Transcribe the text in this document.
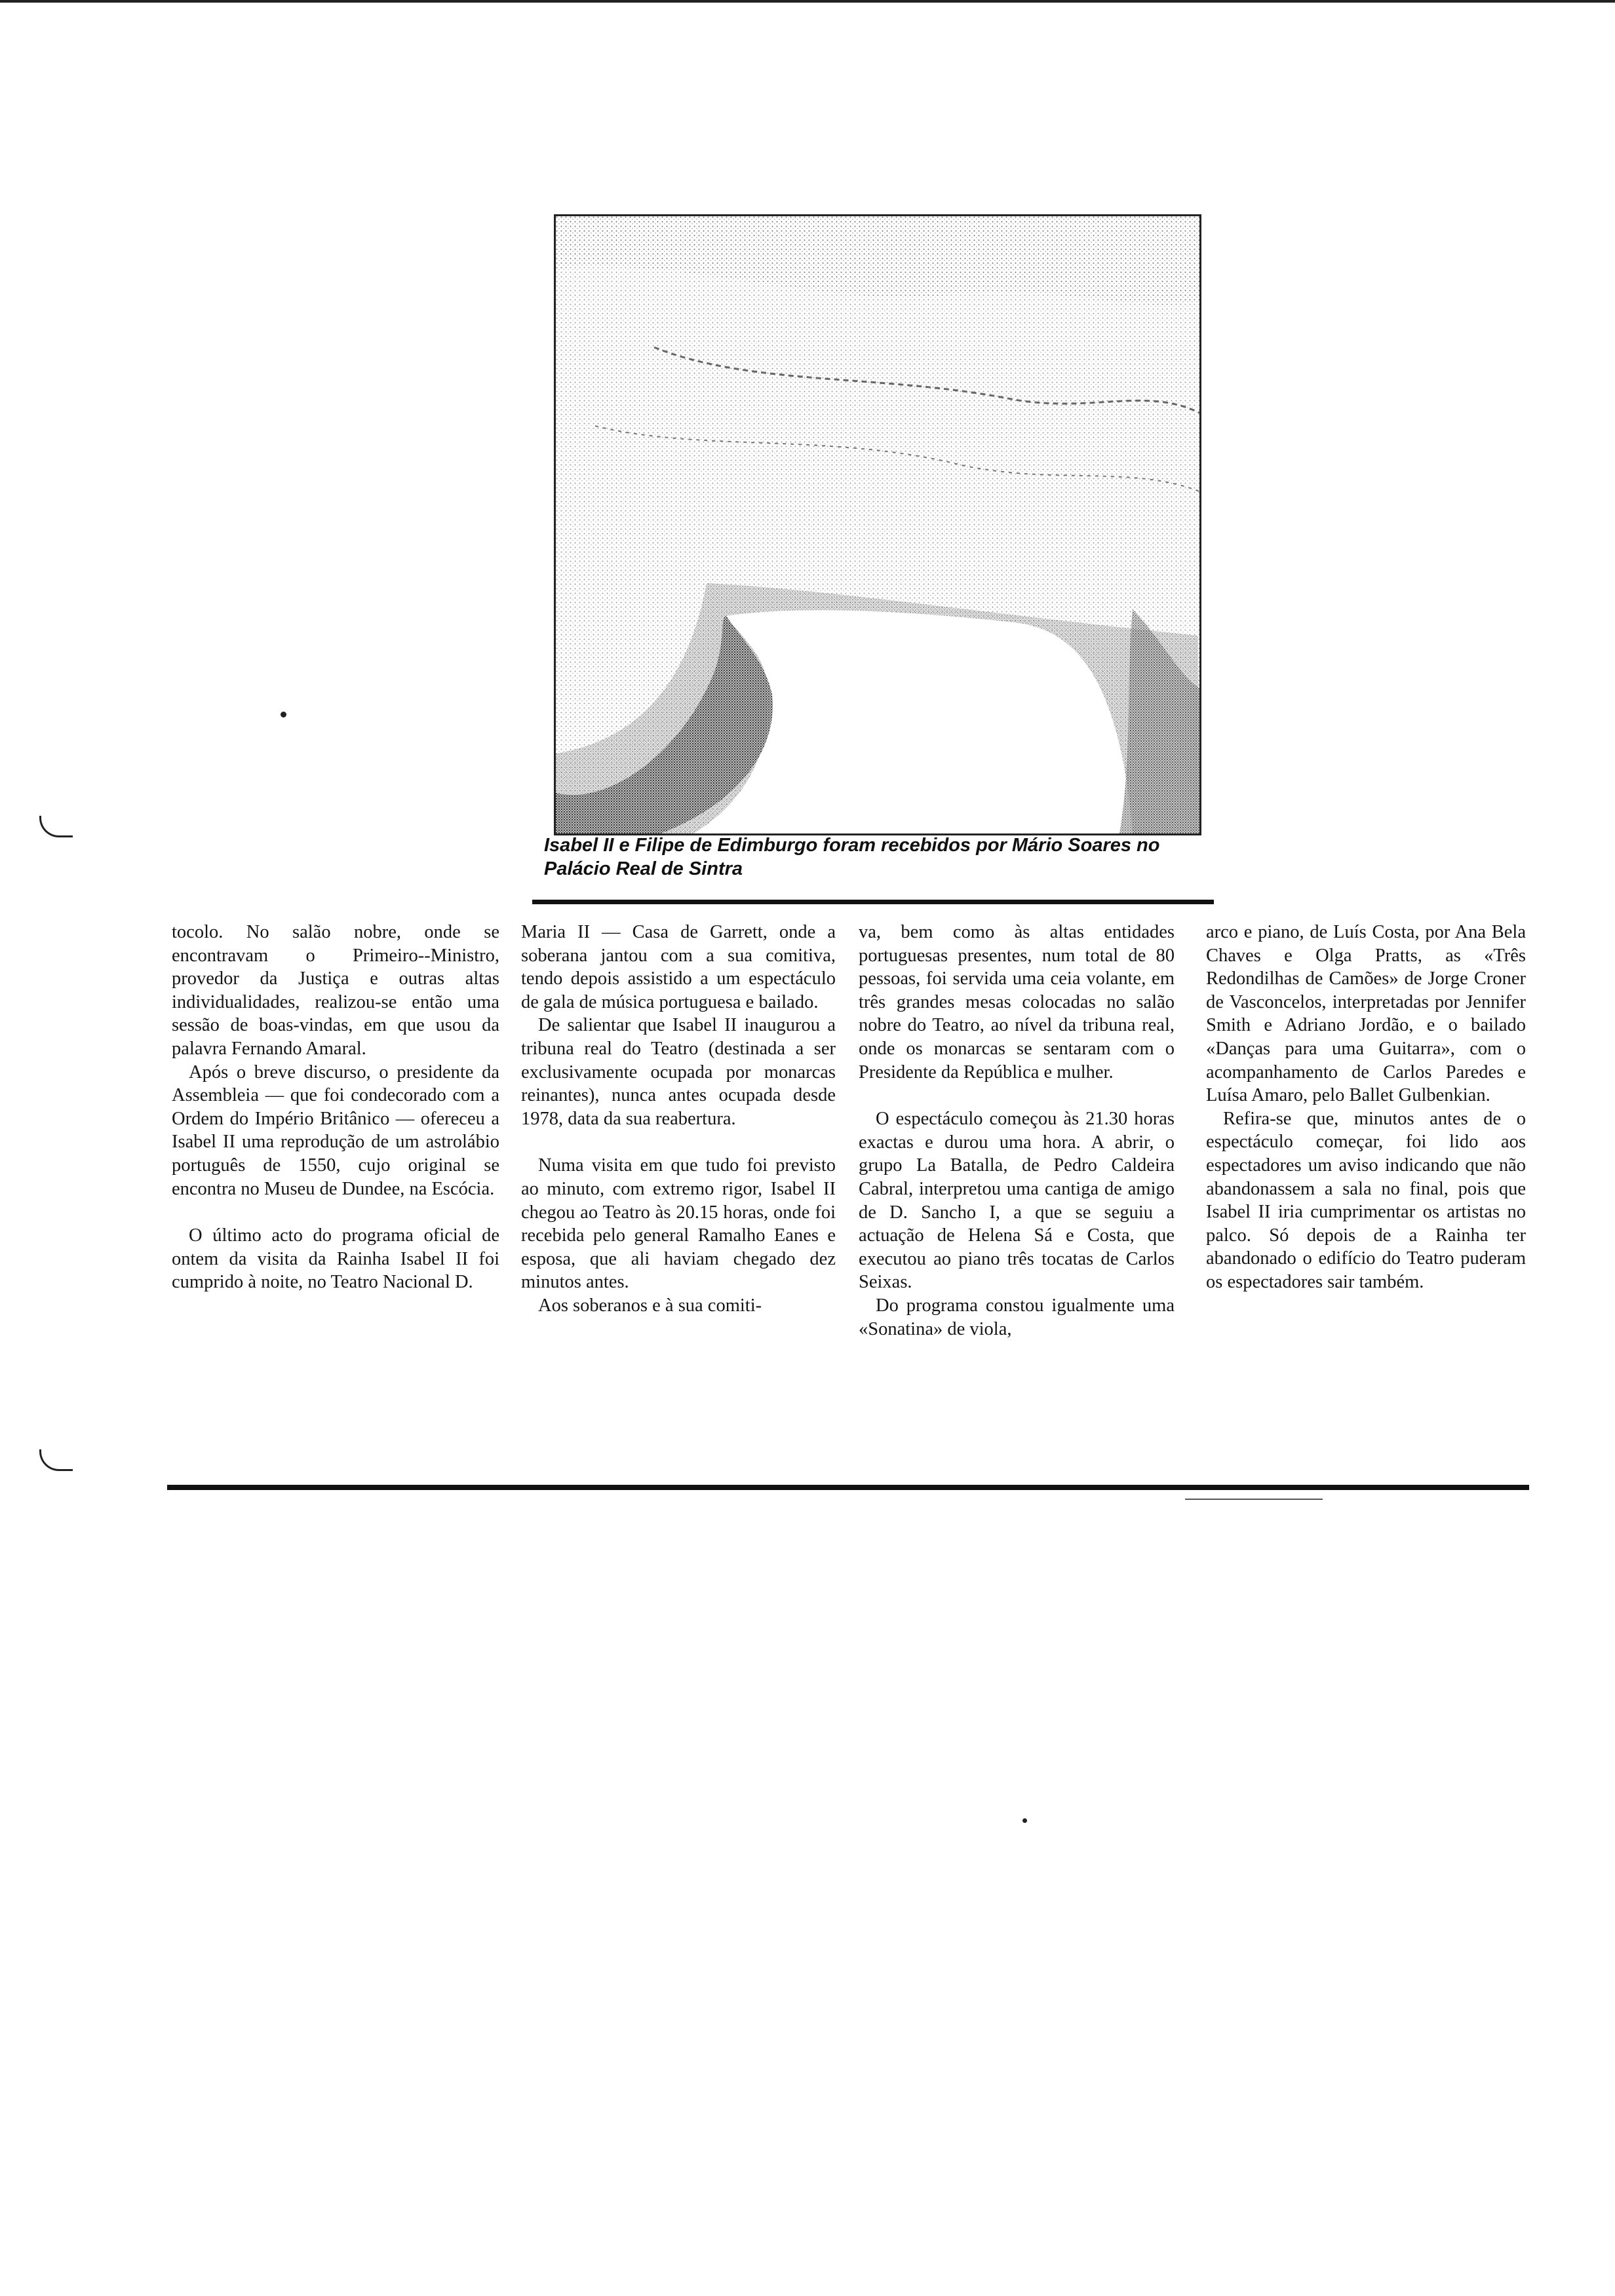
Isabel II e Filipe de Edimburgo foram recebidos por Mário Soares no Palácio Real de Sintra

tocolo. No salão nobre, onde se encontravam o Primeiro--Ministro, provedor da Justiça e outras altas individualidades, realizou-se então uma sessão de boas-vindas, em que usou da palavra Fernando Amaral.

Após o breve discurso, o presidente da Assembleia — que foi condecorado com a Ordem do Império Britânico — ofereceu a Isabel II uma reprodução de um astrolábio português de 1550, cujo original se encontra no Museu de Dundee, na Escócia.

O último acto do programa oficial de ontem da visita da Rainha Isabel II foi cumprido à noite, no Teatro Nacional D.

Maria II — Casa de Garrett, onde a soberana jantou com a sua comitiva, tendo depois assistido a um espectáculo de gala de música portuguesa e bailado.

De salientar que Isabel II inaugurou a tribuna real do Teatro (destinada a ser exclusivamente ocupada por monarcas reinantes), nunca antes ocupada desde 1978, data da sua reabertura.

Numa visita em que tudo foi previsto ao minuto, com extremo rigor, Isabel II chegou ao Teatro às 20.15 horas, onde foi recebida pelo general Ramalho Eanes e esposa, que ali haviam chegado dez minutos antes.

Aos soberanos e à sua comiti-

va, bem como às altas entidades portuguesas presentes, num total de 80 pessoas, foi servida uma ceia volante, em três grandes mesas colocadas no salão nobre do Teatro, ao nível da tribuna real, onde os monarcas se sentaram com o Presidente da República e mulher.

O espectáculo começou às 21.30 horas exactas e durou uma hora. A abrir, o grupo La Batalla, de Pedro Caldeira Cabral, interpretou uma cantiga de amigo de D. Sancho I, a que se seguiu a actuação de Helena Sá e Costa, que executou ao piano três tocatas de Carlos Seixas.

Do programa constou igualmente uma «Sonatina» de viola,

arco e piano, de Luís Costa, por Ana Bela Chaves e Olga Pratts, as «Três Redondilhas de Camões» de Jorge Croner de Vasconcelos, interpretadas por Jennifer Smith e Adriano Jordão, e o bailado «Danças para uma Guitarra», com o acompanhamento de Carlos Paredes e Luísa Amaro, pelo Ballet Gulbenkian.

Refira-se que, minutos antes de o espectáculo começar, foi lido aos espectadores um aviso indicando que não abandonassem a sala no final, pois que Isabel II iria cumprimentar os artistas no palco. Só depois de a Rainha ter abandonado o edifício do Teatro puderam os espectadores sair também.
